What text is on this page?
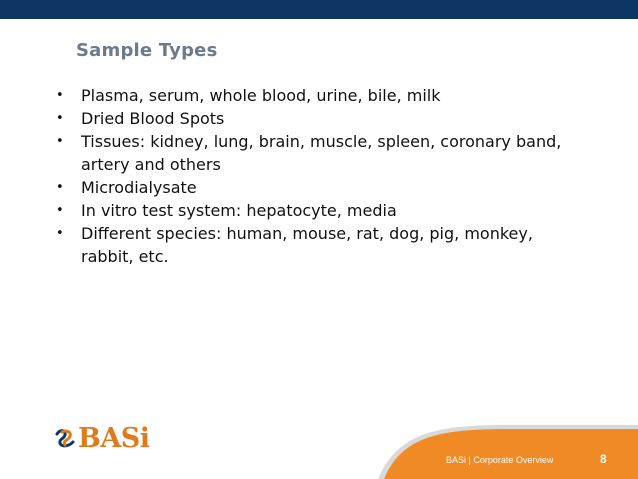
Sample Types
• Plasma, serum, whole blood, urine, bile, milk
• Dried Blood Spots
• Tissues: kidney, lung, brain, muscle, spleen, coronary band, artery and others
• Microdialysate
• In vitro test system: hepatocyte, media
• Different species: human, mouse, rat, dog, pig, monkey, rabbit, etc.
BASi
BASi | Corporate Overview	8
